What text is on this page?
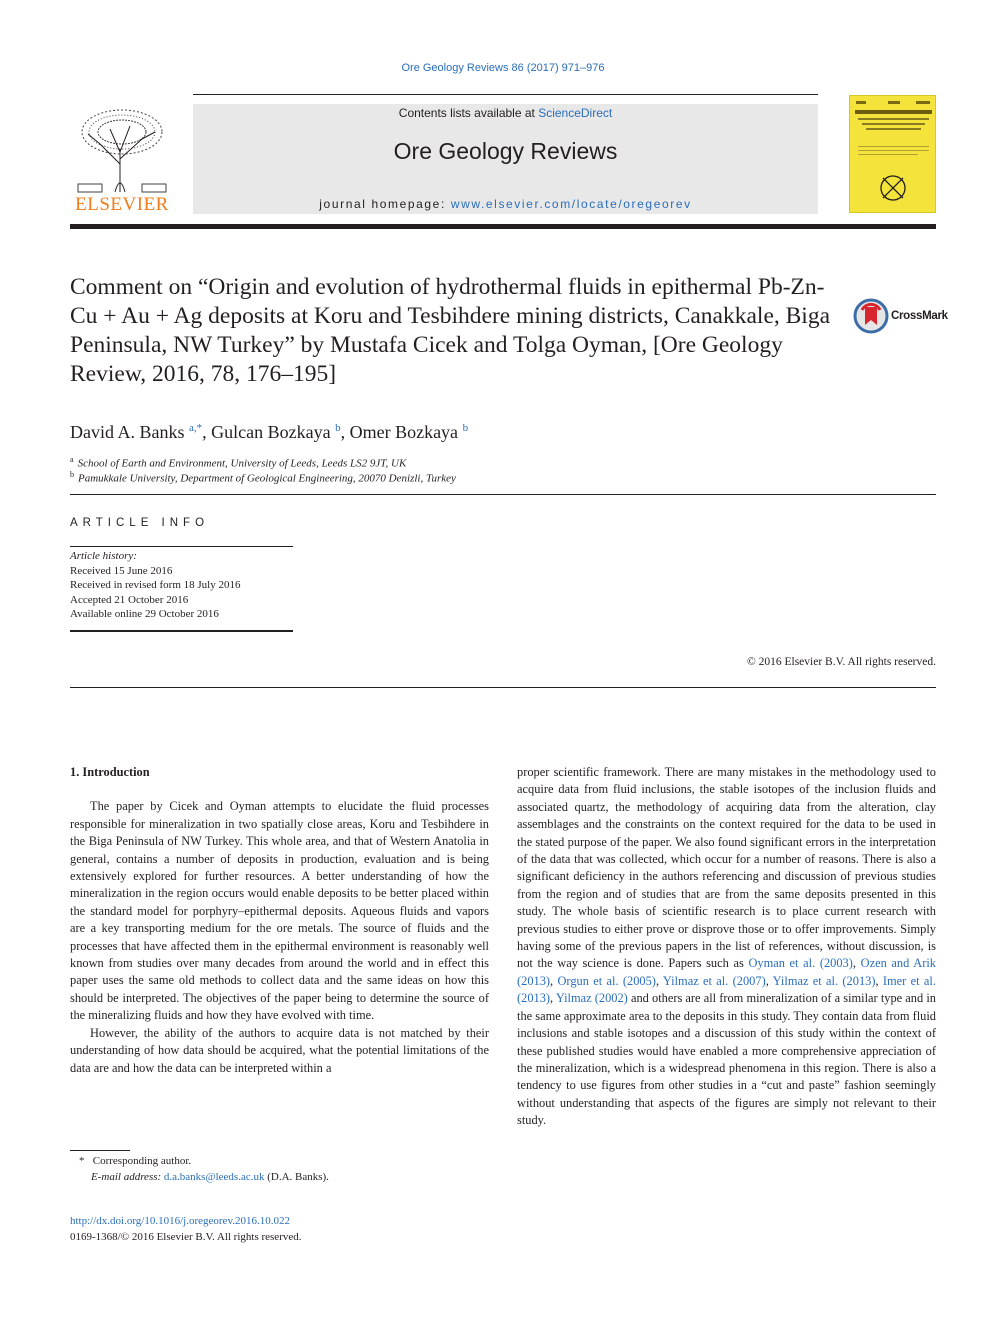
Ore Geology Reviews 86 (2017) 971–976
ELSEVIER
Contents lists available at ScienceDirect
Ore Geology Reviews
journal homepage: www.elsevier.com/locate/oregeorev
Comment on “Origin and evolution of hydrothermal fluids in epithermal Pb-Zn-Cu + Au + Ag deposits at Koru and Tesbihdere mining districts, Canakkale, Biga Peninsula, NW Turkey” by Mustafa Cicek and Tolga Oyman, [Ore Geology Review, 2016, 78, 176–195]
CrossMark
David A. Banks $^{a,*}$, Gulcan Bozkaya $^b$, Omer Bozkaya $^b$
$^a$ School of Earth and Environment, University of Leeds, Leeds LS2 9JT, UK
$^b$ Pamukkale University, Department of Geological Engineering, 20070 Denizli, Turkey
ARTICLE INFO
Article history:
Received 15 June 2016
Received in revised form 18 July 2016
Accepted 21 October 2016
Available online 29 October 2016
© 2016 Elsevier B.V. All rights reserved.
1. Introduction

The paper by Cicek and Oyman attempts to elucidate the fluid processes responsible for mineralization in two spatially close areas, Koru and Tesbihdere in the Biga Peninsula of NW Turkey. This whole area, and that of Western Anatolia in general, contains a number of deposits in production, evaluation and is being extensively explored for further resources. A better understanding of how the mineralization in the region occurs would enable deposits to be better placed within the standard model for porphyry–epithermal deposits. Aqueous fluids and vapors are a key transporting medium for the ore metals. The source of fluids and the processes that have affected them in the epithermal environment is reasonably well known from studies over many decades from around the world and in effect this paper uses the same old methods to collect data and the same ideas on how this should be interpreted. The objectives of the paper being to determine the source of the mineralizing fluids and how they have evolved with time.

However, the ability of the authors to acquire data is not matched by their understanding of how data should be acquired, what the potential limitations of the data are and how the data can be interpreted within a

proper scientific framework. There are many mistakes in the methodology used to acquire data from fluid inclusions, the stable isotopes of the inclusion fluids and associated quartz, the methodology of acquiring data from the alteration, clay assemblages and the constraints on the context required for the data to be used in the stated purpose of the paper. We also found significant errors in the interpretation of the data that was collected, which occur for a number of reasons. There is also a significant deficiency in the authors referencing and discussion of previous studies from the region and of studies that are from the same deposits presented in this study. The whole basis of scientific research is to place current research with previous studies to either prove or disprove those or to offer improvements. Simply having some of the previous papers in the list of references, without discussion, is not the way science is done. Papers such as Oyman et al. (2003), Ozen and Arik (2013), Orgun et al. (2005), Yilmaz et al. (2007), Yilmaz et al. (2013), Imer et al. (2013), Yilmaz (2002) and others are all from mineralization of a similar type and in the same approximate area to the deposits in this study. They contain data from fluid inclusions and stable isotopes and a discussion of this study within the context of these published studies would have enabled a more comprehensive appreciation of the mineralization, which is a widespread phenomena in this region. There is also a tendency to use figures from other studies in a “cut and paste” fashion seemingly without understanding that aspects of the figures are simply not relevant to their study.

* Corresponding author.
E-mail address: d.a.banks@leeds.ac.uk (D.A. Banks).
http://dx.doi.org/10.1016/j.oregeorev.2016.10.022
0169-1368/© 2016 Elsevier B.V. All rights reserved.
